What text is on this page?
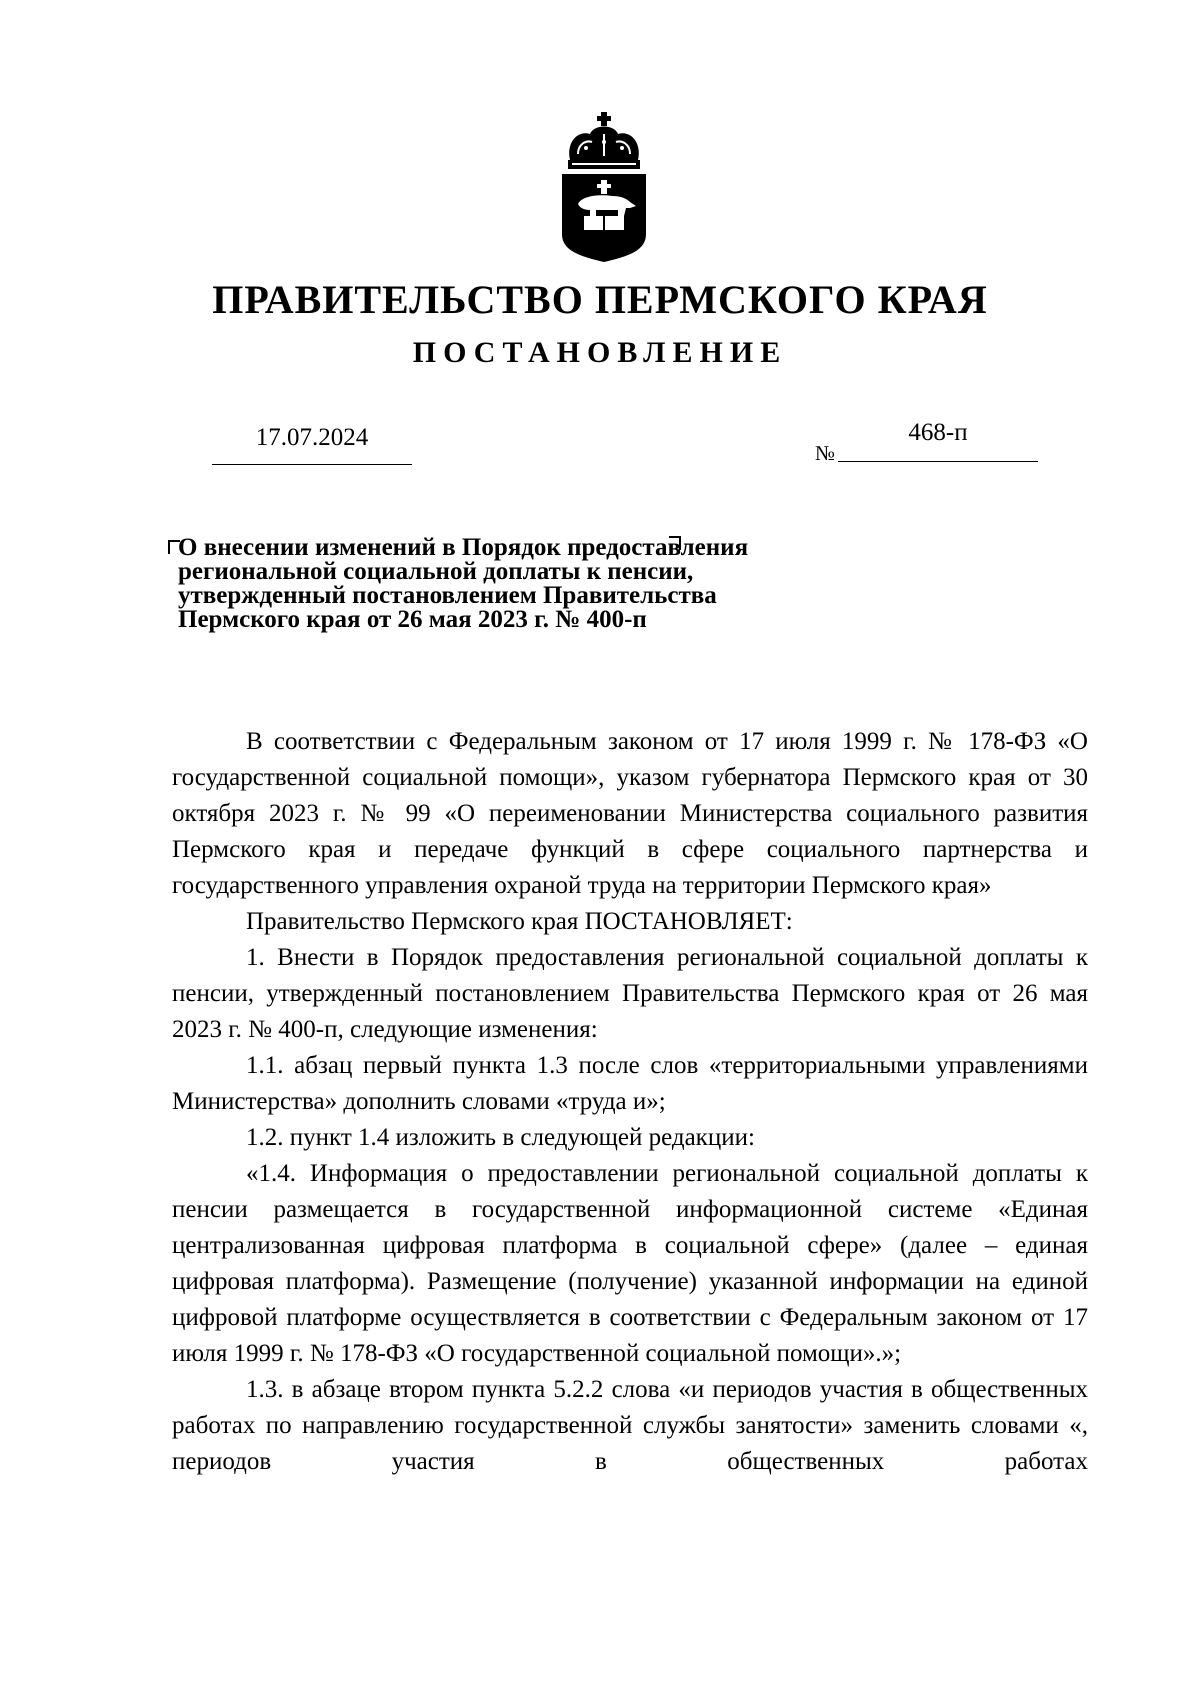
ПРАВИТЕЛЬСТВО ПЕРМСКОГО КРАЯ
ПОСТАНОВЛЕНИЕ
17.07.2024
№
468-п
О внесении изменений в Порядок предоставления
региональной социальной доплаты к пенсии,
утвержденный постановлением Правительства
Пермского края от 26 мая 2023 г. № 400-п

В соответствии с Федеральным законом от 17 июля 1999 г. № 178-ФЗ «О государственной социальной помощи», указом губернатора Пермского края от 30 октября 2023 г. № 99 «О переименовании Министерства социального развития Пермского края и передаче функций в сфере социального партнерства и государственного управления охраной труда на территории Пермского края»

Правительство Пермского края ПОСТАНОВЛЯЕТ:

1. Внести в Порядок предоставления региональной социальной доплаты к пенсии, утвержденный постановлением Правительства Пермского края от 26 мая 2023 г. № 400-п, следующие изменения:

1.1. абзац первый пункта 1.3 после слов «территориальными управлениями Министерства» дополнить словами «труда и»;

1.2. пункт 1.4 изложить в следующей редакции:

«1.4. Информация о предоставлении региональной социальной доплаты к пенсии размещается в государственной информационной системе «Единая централизованная цифровая платформа в социальной сфере» (далее – единая цифровая платформа). Размещение (получение) указанной информации на единой цифровой платформе осуществляется в соответствии с Федеральным законом от 17 июля 1999 г. № 178-ФЗ «О государственной социальной помощи».»;

1.3. в абзаце втором пункта 5.2.2 слова «и периодов участия в общественных работах по направлению государственной службы занятости» заменить словами «, периодов участия в общественных работах
